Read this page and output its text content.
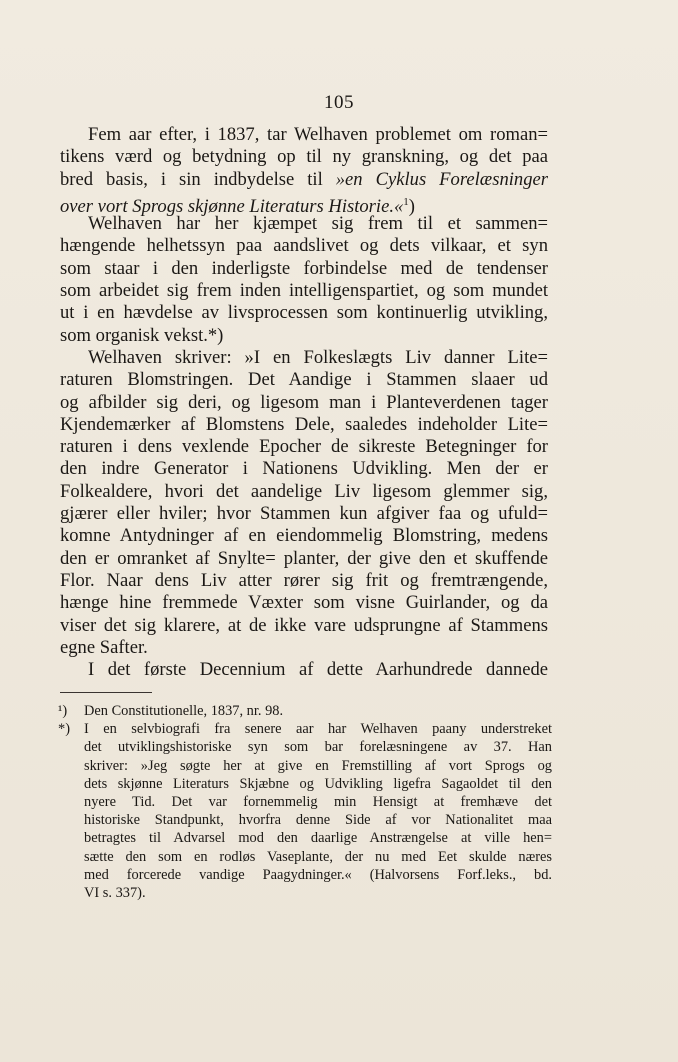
105
Fem aar efter, i 1837, tar Welhaven problemet om roman=
tikens værd og betydning op til ny granskning, og det paa
bred basis, i sin indbydelse til »en Cyklus Forelæsninger
over vort Sprogs skjønne Literaturs Historie.«$^1$)
Welhaven har her kjæmpet sig frem til et sammen=
hængende helhetssyn paa aandslivet og dets vilkaar, et syn
som staar i den inderligste forbindelse med de tendenser
som arbeidet sig frem inden intelligenspartiet, og som mundet
ut i en hævdelse av livsprocessen som kontinuerlig utvikling,
som organisk vekst.*)
Welhaven skriver: »I en Folkeslægts Liv danner Lite=
raturen Blomstringen. Det Aandige i Stammen slaaer ud
og afbilder sig deri, og ligesom man i Planteverdenen tager
Kjendemærker af Blomstens Dele, saaledes indeholder Lite=
raturen i dens vexlende Epocher de sikreste Betegninger for
den indre Generator i Nationens Udvikling. Men der er
Folkealdere, hvori det aandelige Liv ligesom glemmer sig,
gjærer eller hviler; hvor Stammen kun afgiver faa og ufuld=
komne Antydninger af en eiendommelig Blomstring, medens
den er omranket af Snylte= planter, der give den et skuffende
Flor. Naar dens Liv atter rører sig frit og fremtrængende,
hænge hine fremmede Væxter som visne Guirlander, og da
viser det sig klarere, at de ikke vare udsprungne af Stammens
egne Safter.
I det første Decennium af dette Aarhundrede dannede
¹)	Den Constitutionelle, 1837, nr. 98.
*) I en selvbiografi fra senere aar har Welhaven paany understreket
det utviklingshistoriske syn som bar forelæsningene av 37. Han
skriver: »Jeg søgte her at give en Fremstilling af vort Sprogs og
dets skjønne Literaturs Skjæbne og Udvikling ligefra Sagaoldet til den
nyere Tid. Det var fornemmelig min Hensigt at fremhæve det
historiske Standpunkt, hvorfra denne Side af vor Nationalitet maa
betragtes til Advarsel mod den daarlige Anstrængelse at ville hen=
sætte den som en rodløs Vaseplante, der nu med Eet skulde næres
med forcerede vandige Paagydninger.« (Halvorsens Forf.leks., bd.
VI s. 337).
